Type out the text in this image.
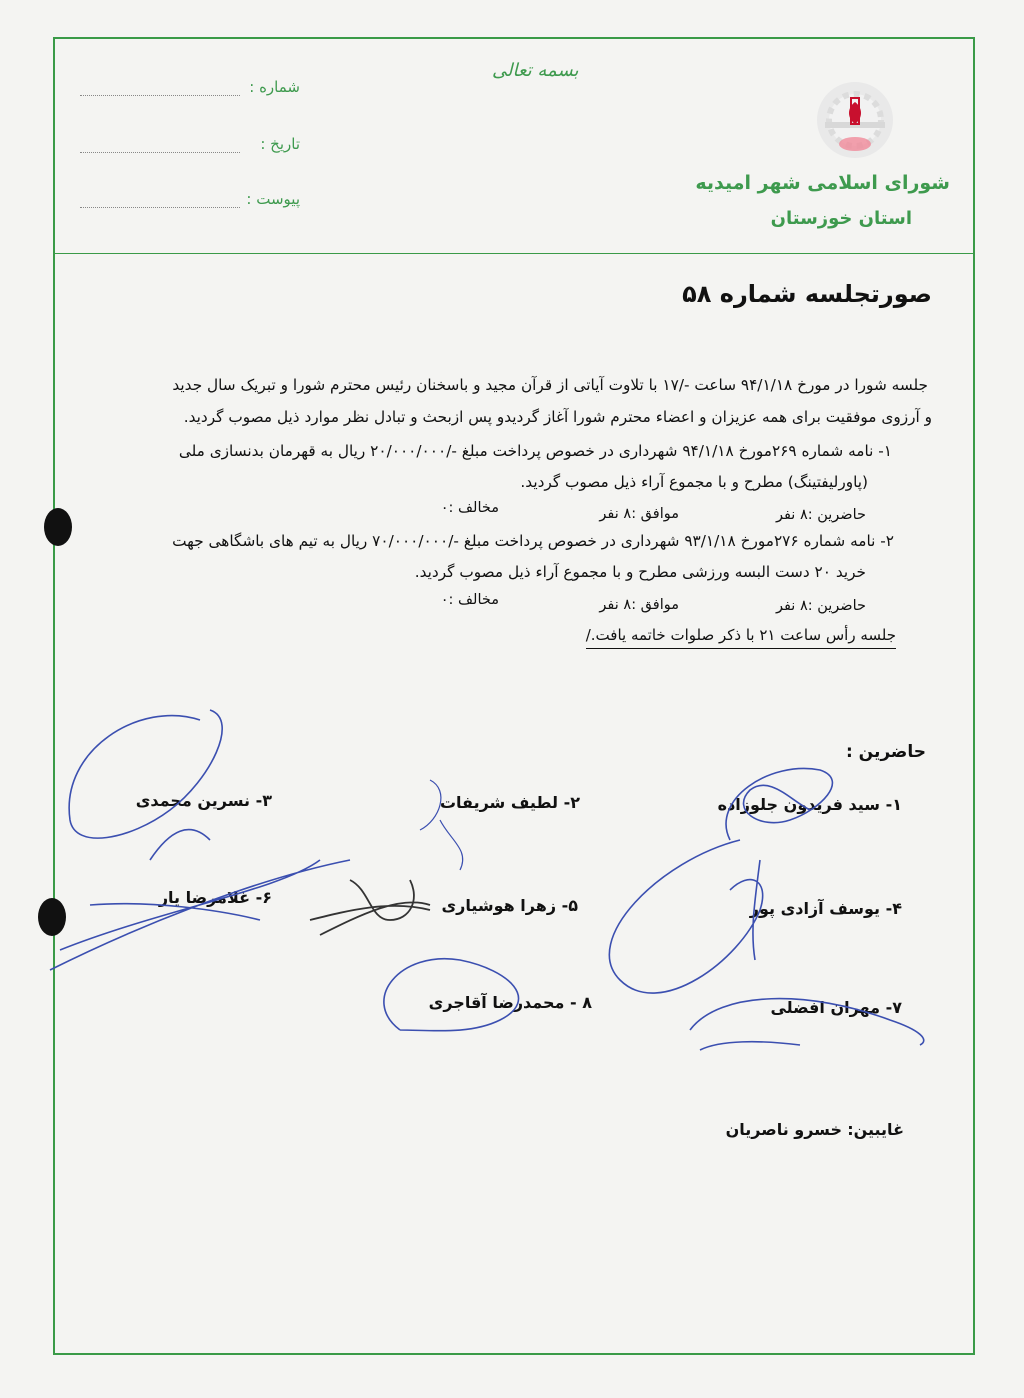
بسمه تعالی
شماره :
تاریخ :
پیوست :
شورای اسلامی شهر امیدیه
استان خوزستان
صورتجلسه شماره ۵۸
جلسه شورا در مورخ ۹۴/۱/۱۸ ساعت -/۱۷ با تلاوت آیاتی از قرآن مجید و باسخنان رئیس محترم شورا و تبریک سال جدید
و آرزوی موفقیت برای همه عزیزان و اعضاء محترم شورا آغاز گردیدو پس ازبحث و تبادل نظر موارد ذیل مصوب گردید.
۱- نامه شماره ۲۶۹مورخ ۹۴/۱/۱۸ شهرداری در خصوص پرداخت مبلغ -/۲۰/۰۰۰/۰۰۰ ریال به قهرمان بدنسازی ملی
(پاورلیفتینگ) مطرح و با مجموع آراء ذیل مصوب گردید.
حاضرین :۸ نفر
موافق :۸ نفر
مخالف :۰
۲- نامه شماره ۲۷۶مورخ ۹۳/۱/۱۸ شهرداری در خصوص پرداخت مبلغ -/۷۰/۰۰۰/۰۰۰ ریال به تیم های باشگاهی جهت
خرید ۲۰ دست البسه ورزشی مطرح و با مجموع آراء ذیل مصوب گردید.
حاضرین :۸ نفر
موافق :۸ نفر
مخالف :۰
جلسه رأس ساعت ۲۱ با ذکر صلوات خاتمه یافت./
حاضرین :
۱- سید فریدون جلوزاده
۲- لطیف شریفات
۳- نسرین محمدی
۴- یوسف آزادی پور
۵- زهرا هوشیاری
۶- غلامرضا یار
۷- مهران افضلی
۸ - محمدرضا آقاجری
غایبین:
خسرو ناصریان
